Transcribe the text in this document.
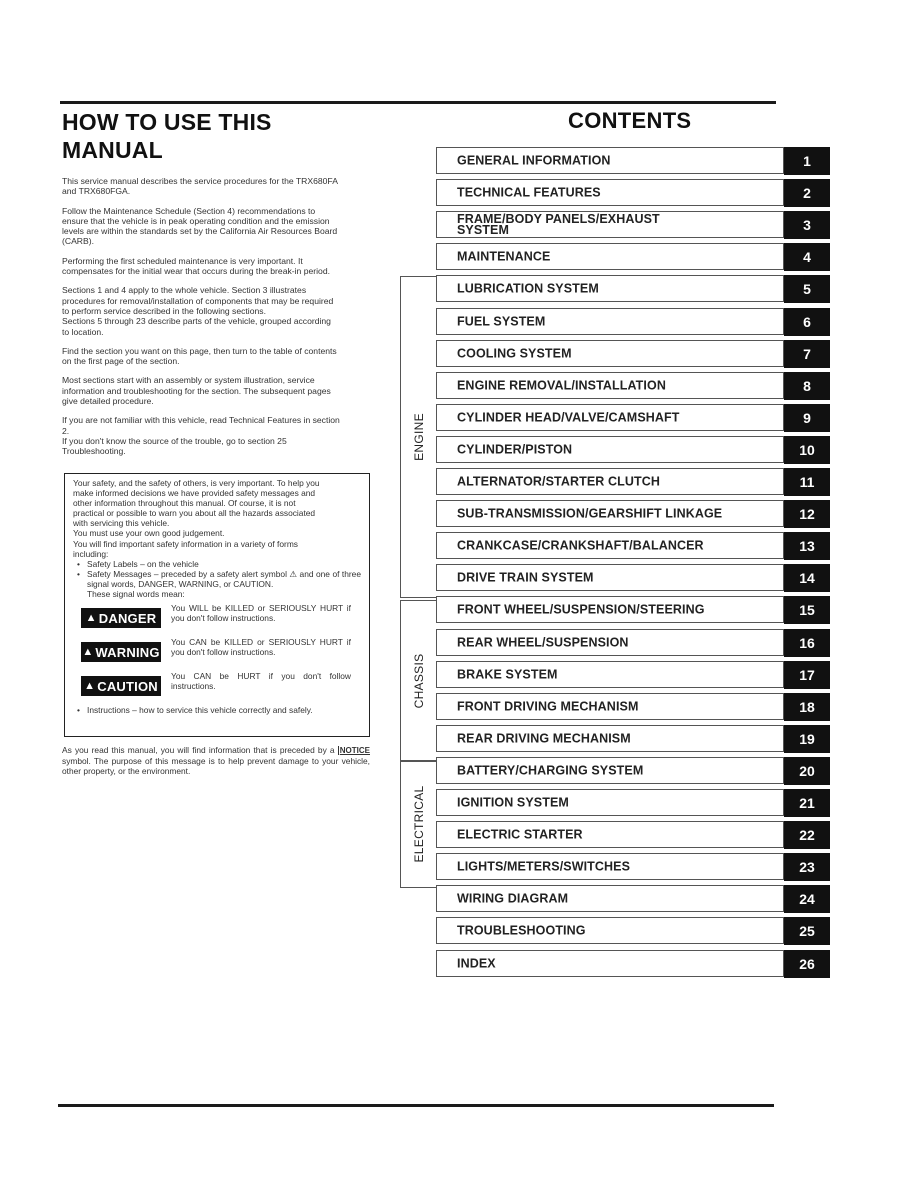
HOW TO USE THIS MANUAL

This service manual describes the service procedures for the TRX680FA
and TRX680FGA.

Follow the Maintenance Schedule (Section 4) recommendations to
ensure that the vehicle is in peak operating condition and the emission
levels are within the standards set by the California Air Resources Board
(CARB).

Performing the first scheduled maintenance is very important. It
compensates for the initial wear that occurs during the break-in period.

Sections 1 and 4 apply to the whole vehicle. Section 3 illustrates
procedures for removal/installation of components that may be required
to perform service described in the following sections.
Sections 5 through 23 describe parts of the vehicle, grouped according
to location.

Find the section you want on this page, then turn to the table of contents
on the first page of the section.

Most sections start with an assembly or system illustration, service
information and troubleshooting for the section. The subsequent pages
give detailed procedure.

If you are not familiar with this vehicle, read Technical Features in section
2.
If you don't know the source of the trouble, go to section 25
Troubleshooting.

Your safety, and the safety of others, is very important. To help you
make informed decisions we have provided safety messages and
other information throughout this manual. Of course, it is not
practical or possible to warn you about all the hazards associated
with servicing this vehicle.
You must use your own good judgement.
You will find important safety information in a variety of forms
including:

• Safety Labels – on the vehicle
• Safety Messages – preceded by a safety alert symbol ⚠ and one of three signal words, DANGER, WARNING, or CAUTION.
These signal words mean:
▲ DANGER
You WILL be KILLED or SERIOUSLY HURT if you don't follow instructions.
▲ WARNING
You CAN be KILLED or SERIOUSLY HURT if you don't follow instructions.
▲ CAUTION
You CAN be HURT if you don't follow instructions.
• Instructions – how to service this vehicle correctly and safely.
As you read this manual, you will find information that is preceded by a NOTICE symbol. The purpose of this message is to help prevent damage to your vehicle, other property, or the environment.
CONTENTS
ENGINE
CHASSIS
ELECTRICAL
GENERAL INFORMATION	1
TECHNICAL FEATURES	2
FRAME/BODY PANELS/EXHAUST
SYSTEM	3
MAINTENANCE	4
LUBRICATION SYSTEM	5
FUEL SYSTEM	6
COOLING SYSTEM	7
ENGINE REMOVAL/INSTALLATION	8
CYLINDER HEAD/VALVE/CAMSHAFT	9
CYLINDER/PISTON	10
ALTERNATOR/STARTER CLUTCH	11
SUB-TRANSMISSION/GEARSHIFT LINKAGE	12
CRANKCASE/CRANKSHAFT/BALANCER	13
DRIVE TRAIN SYSTEM	14
FRONT WHEEL/SUSPENSION/STEERING	15
REAR WHEEL/SUSPENSION	16
BRAKE SYSTEM	17
FRONT DRIVING MECHANISM	18
REAR DRIVING MECHANISM	19
BATTERY/CHARGING SYSTEM	20
IGNITION SYSTEM	21
ELECTRIC STARTER	22
LIGHTS/METERS/SWITCHES	23
WIRING DIAGRAM	24
TROUBLESHOOTING	25
INDEX	26
